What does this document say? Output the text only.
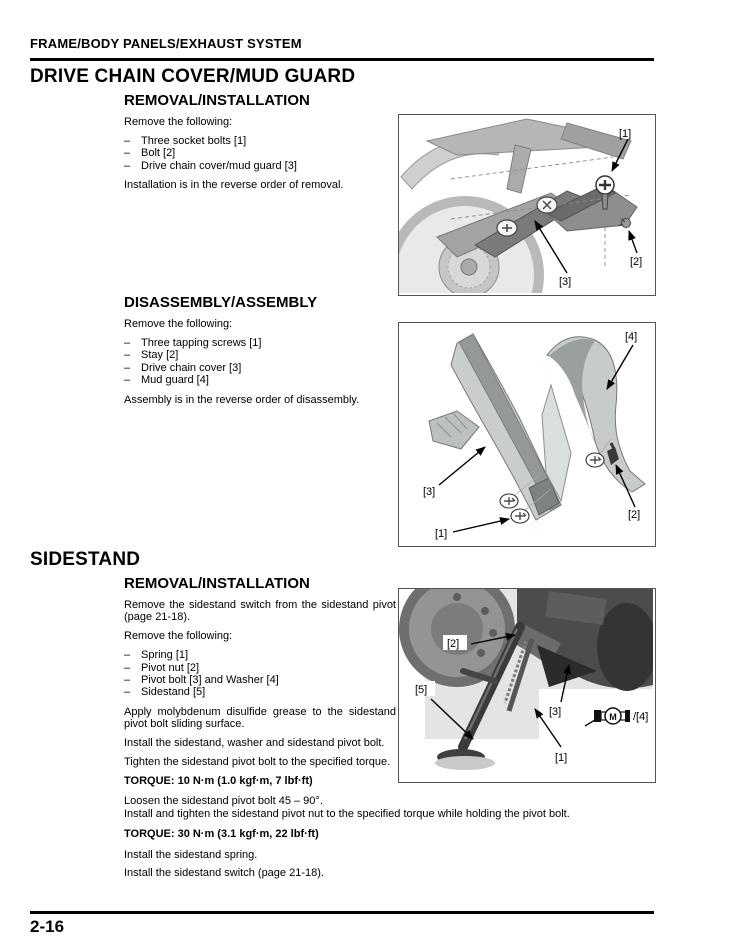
FRAME/BODY PANELS/EXHAUST SYSTEM
DRIVE CHAIN COVER/MUD GUARD
REMOVAL/INSTALLATION

Remove the following:

– Three socket bolts [1]
– Bolt [2]
– Drive chain cover/mud guard [3]

Installation is in the reverse order of removal.

[1]
[2]
[3]
DISASSEMBLY/ASSEMBLY

Remove the following:

– Three tapping screws [1]
– Stay [2]
– Drive chain cover [3]
– Mud guard [4]

Assembly is in the reverse order of disassembly.

[4]
[3]
[2]
[1]
SIDESTAND
REMOVAL/INSTALLATION

Remove the sidestand switch from the sidestand pivot (page 21-18).

Remove the following:

– Spring [1]
– Pivot nut [2]
– Pivot bolt [3] and Washer [4]
– Sidestand [5]

Apply molybdenum disulfide grease to the sidestand pivot bolt sliding surface.

Install the sidestand, washer and sidestand pivot bolt.

Tighten the sidestand pivot bolt to the specified torque.

TORQUE: 10 N·m (1.0 kgf·m, 7 lbf·ft)

Loosen the sidestand pivot bolt 45 – 90°.

M
[2]
[5]
[3]
[1]
/[4]

Install and tighten the sidestand pivot nut to the specified torque while holding the pivot bolt.

TORQUE: 30 N·m (3.1 kgf·m, 22 lbf·ft)

Install the sidestand spring.

Install the sidestand switch (page 21-18).

2-16
